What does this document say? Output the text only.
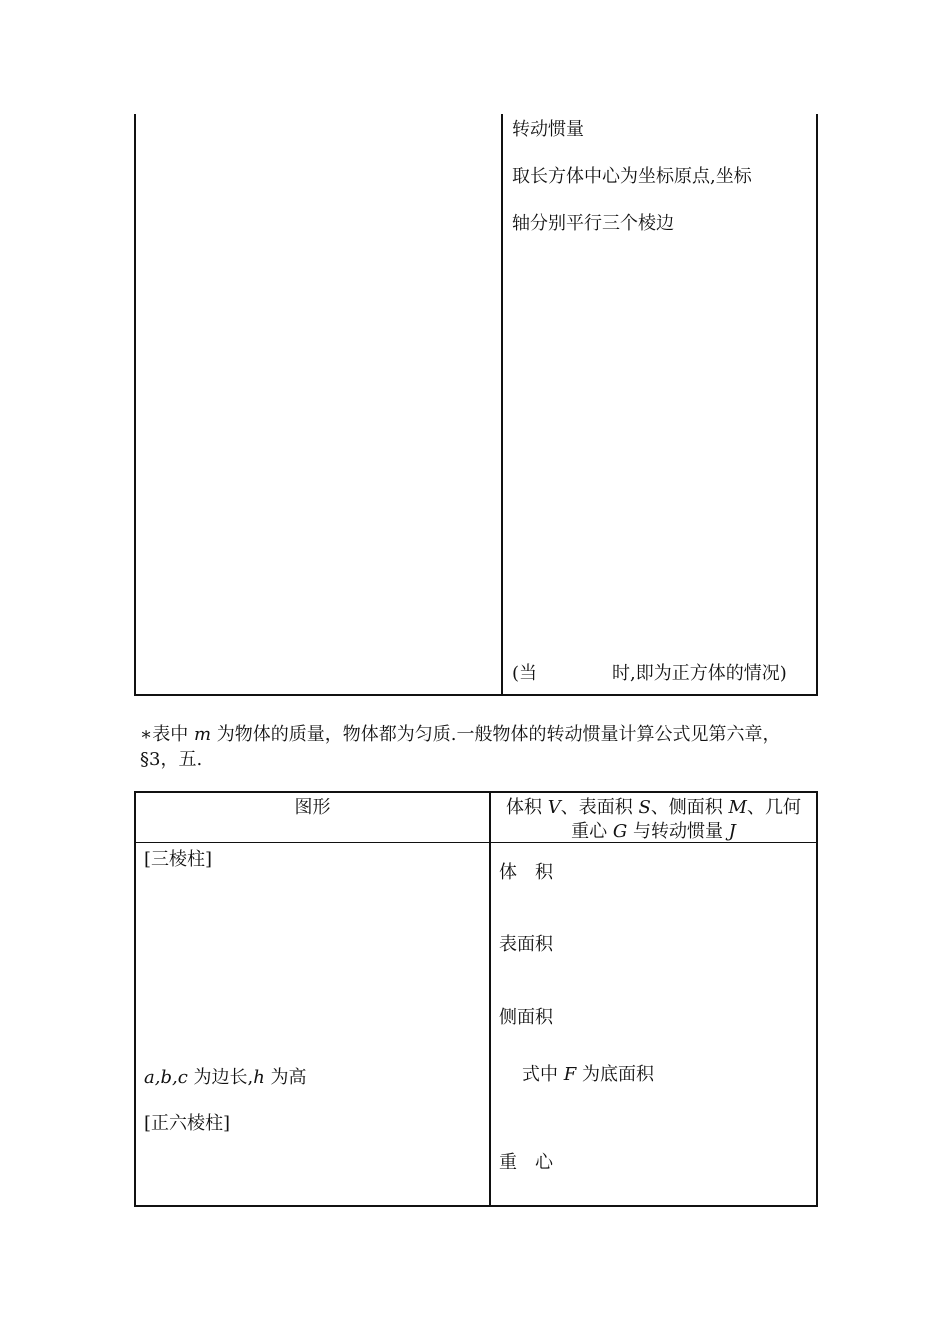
转动惯量
取长方体中心为坐标原点,坐标
轴分别平行三个棱边
(当	时,即为正方体的情况)
∗表中 m 为物体的质量，物体都为匀质.一般物体的转动惯量计算公式见第六章，
§3，五.
图形	体积 V、表面积 S、侧面积 M、几何
重心 G 与转动惯量 J
[三棱柱]
a,b,c 为边长,h 为高
[正六棱柱]
体　积
表面积
侧面积
式中 F 为底面积
重　心
